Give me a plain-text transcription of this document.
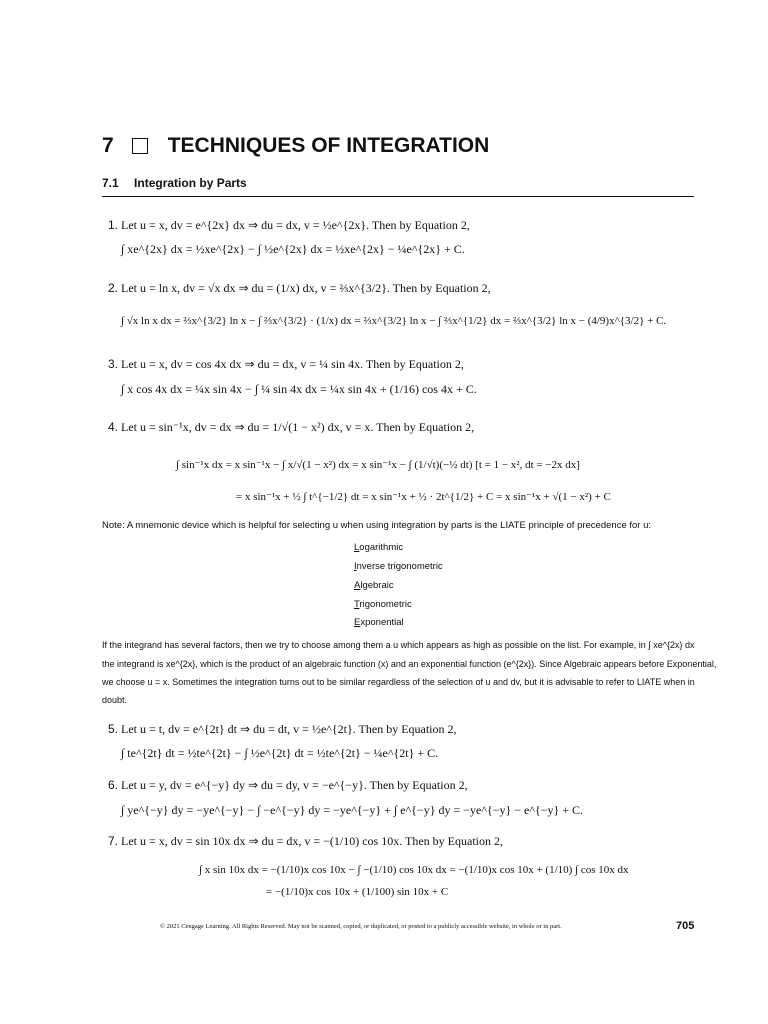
7	TECHNIQUES OF INTEGRATION
7.1 Integration by Parts
1. Let u = x, dv = e^{2x} dx ⇒ du = dx, v = ½e^{2x}. Then by Equation 2,
∫ xe^{2x} dx = ½xe^{2x} − ∫ ½e^{2x} dx = ½xe^{2x} − ¼e^{2x} + C.
2. Let u = ln x, dv = √x dx ⇒ du = (1/x) dx, v = ⅔x^{3/2}. Then by Equation 2,
∫ √x ln x dx = ⅔x^{3/2} ln x − ∫ ⅔x^{3/2} · (1/x) dx = ⅔x^{3/2} ln x − ∫ ⅔x^{1/2} dx = ⅔x^{3/2} ln x − (4/9)x^{3/2} + C.
3. Let u = x, dv = cos 4x dx ⇒ du = dx, v = ¼ sin 4x. Then by Equation 2,
∫ x cos 4x dx = ¼x sin 4x − ∫ ¼ sin 4x dx = ¼x sin 4x + (1/16) cos 4x + C.
4. Let u = sin⁻¹x, dv = dx ⇒ du = 1/√(1 − x²) dx, v = x. Then by Equation 2,
∫ sin⁻¹x dx = x sin⁻¹x − ∫ x/√(1 − x²) dx = x sin⁻¹x − ∫ (1/√t)(−½ dt) [t = 1 − x², dt = −2x dx]
= x sin⁻¹x + ½ ∫ t^{−1/2} dt = x sin⁻¹x + ½ · 2t^{1/2} + C = x sin⁻¹x + √(1 − x²) + C
Note: A mnemonic device which is helpful for selecting u when using integration by parts is the LIATE principle of precedence for u:
Logarithmic
Inverse trigonometric
Algebraic
Trigonometric
Exponential
If the integrand has several factors, then we try to choose among them a u which appears as high as possible on the list. For example, in ∫ xe^{2x} dx
the integrand is xe^{2x}, which is the product of an algebraic function (x) and an exponential function (e^{2x}). Since Algebraic appears before Exponential,
we choose u = x. Sometimes the integration turns out to be similar regardless of the selection of u and dv, but it is advisable to refer to LIATE when in
doubt.
5. Let u = t, dv = e^{2t} dt ⇒ du = dt, v = ½e^{2t}. Then by Equation 2,
∫ te^{2t} dt = ½te^{2t} − ∫ ½e^{2t} dt = ½te^{2t} − ¼e^{2t} + C.
6. Let u = y, dv = e^{−y} dy ⇒ du = dy, v = −e^{−y}. Then by Equation 2,
∫ ye^{−y} dy = −ye^{−y} − ∫ −e^{−y} dy = −ye^{−y} + ∫ e^{−y} dy = −ye^{−y} − e^{−y} + C.
7. Let u = x, dv = sin 10x dx ⇒ du = dx, v = −(1/10) cos 10x. Then by Equation 2,
∫ x sin 10x dx = −(1/10)x cos 10x − ∫ −(1/10) cos 10x dx = −(1/10)x cos 10x + (1/10) ∫ cos 10x dx
= −(1/10)x cos 10x + (1/100) sin 10x + C
© 2021 Cengage Learning. All Rights Reserved. May not be scanned, copied, or duplicated, or posted to a publicly accessible website, in whole or in part.	705
